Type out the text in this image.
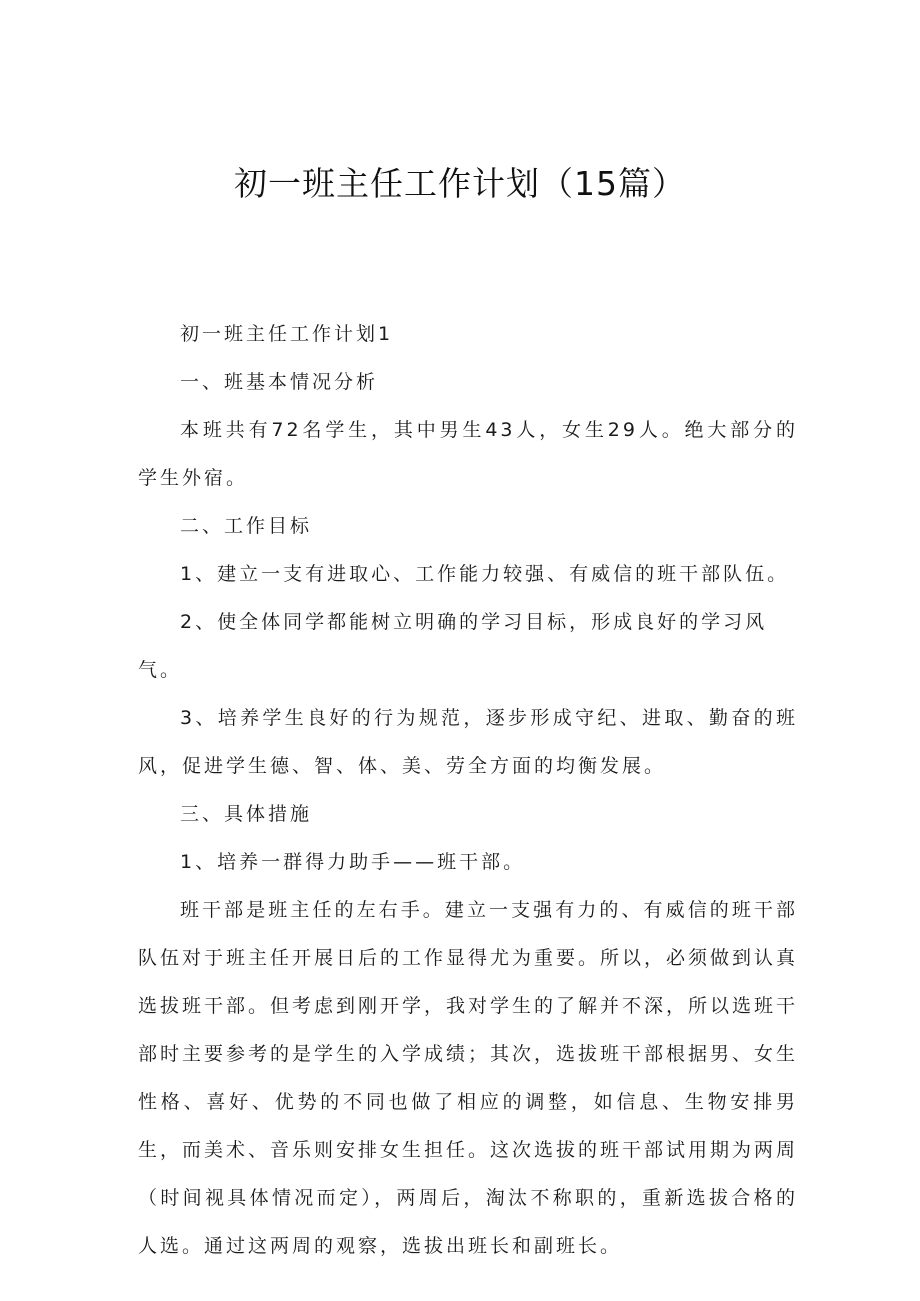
初一班主任工作计划（15篇）

初一班主任工作计划1

一、班基本情况分析

本班共有72名学生，其中男生43人，女生29人。绝大部分的学生外宿。

二、工作目标

1、建立一支有进取心、工作能力较强、有威信的班干部队伍。

2、使全体同学都能树立明确的学习目标，形成良好的学习风气。

3、培养学生良好的行为规范，逐步形成守纪、进取、勤奋的班风，促进学生德、智、体、美、劳全方面的均衡发展。

三、具体措施

1、培养一群得力助手——班干部。

班干部是班主任的左右手。建立一支强有力的、有威信的班干部队伍对于班主任开展日后的工作显得尤为重要。所以，必须做到认真选拔班干部。但考虑到刚开学，我对学生的了解并不深，所以选班干部时主要参考的是学生的入学成绩；其次，选拔班干部根据男、女生性格、喜好、优势的不同也做了相应的调整，如信息、生物安排男生，而美术、音乐则安排女生担任。这次选拔的班干部试用期为两周（时间视具体情况而定），两周后，淘汰不称职的，重新选拔合格的人选。通过这两周的观察，选拔出班长和副班长。
